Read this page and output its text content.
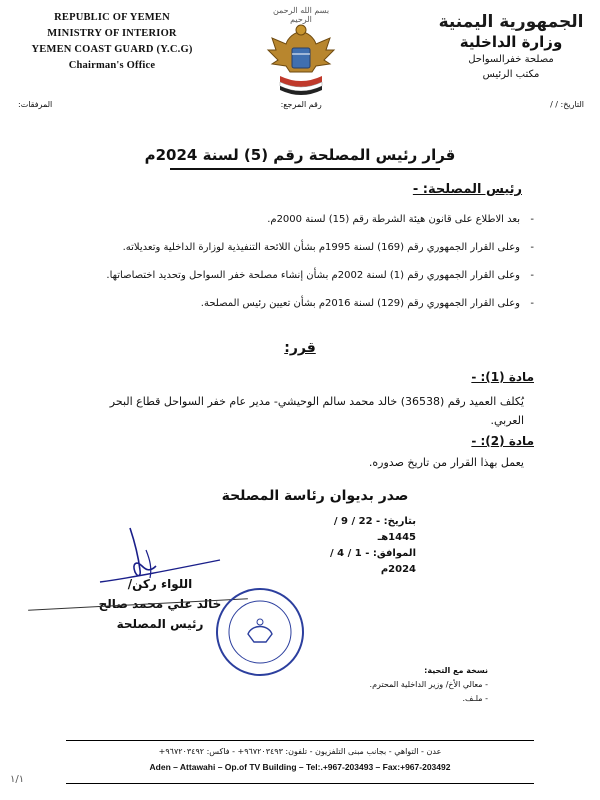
REPUBLIC OF YEMEN
MINISTRY OF INTERIOR
YEMEN COAST GUARD (Y.C.G)
Chairman's Office
بسم الله الرحمن الرحيم	الجمهورية اليمنية
وزارة الداخلية
مصلحة خفرالسواحل
مكتب الرئيس
التاريخ: / /
رقم المرجع:
المرفقات:
قرار رئيس المصلحة رقم (5) لسنة 2024م
رئيس المصلحة: -
- بعد الاطلاع على قانون هيئة الشرطة رقم (15) لسنة 2000م.
- وعلى القرار الجمهوري رقم (169) لسنة 1995م بشأن اللائحة التنفيذية لوزارة الداخلية وتعديلاته.
- وعلى القرار الجمهوري رقم (1) لسنة 2002م بشأن إنشاء مصلحة خفر السواحل وتحديد اختصاصاتها.
- وعلى القرار الجمهوري رقم (129) لسنة 2016م بشأن تعيين رئيس المصلحة.
قرر:
مادة (1): -
يُكلف العميد رقم (36538) خالد محمد سالم الوحيشي- مدير عام خفر السواحل قطاع البحر العربي.
مادة (2): -
يعمل بهذا القرار من تاريخ صدوره.
صدر بديوان رئاسة المصلحة
بتاريخ: - 22 / 9 / 1445هـ
الموافق: - 1 / 4 / 2024م
اللواء ركن/
خالد علي محمد صالح
رئيس المصلحة
نسخة مع التحية:
- معالي الأخ/ وزير الداخلية المحترم.
- ملـف.
عدن - التواهي - بجانب مبنى التلفزيون - تلفون: ٩٦٧٢٠٣٤٩٣+ - فاكس: ٩٦٧٢٠٣٤٩٢+
Aden – Attawahi – Op.of TV Building – Tel:.+967-203493 – Fax:+967-203492
١/١
